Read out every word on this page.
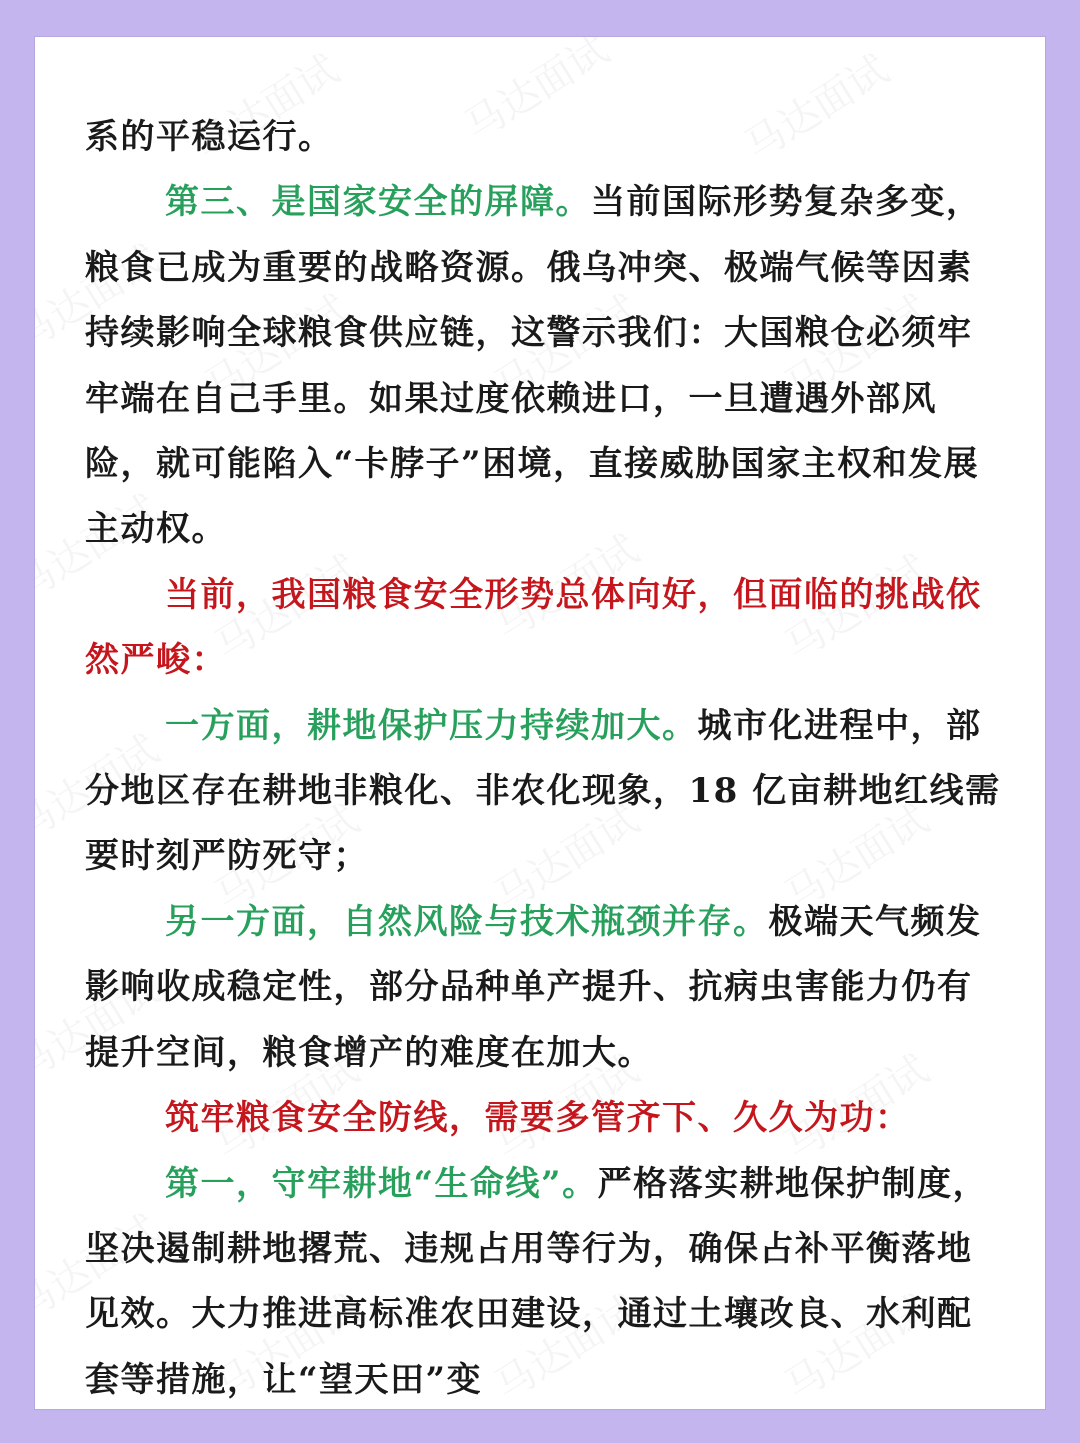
系的平稳运行。

第三、是国家安全的屏障。当前国际形势复杂多变，粮食已成为重要的战略资源。俄乌冲突、极端气候等因素持续影响全球粮食供应链，这警示我们：大国粮仓必须牢牢端在自己手里。如果过度依赖进口，一旦遭遇外部风险，就可能陷入“卡脖子”困境，直接威胁国家主权和发展主动权。

当前，我国粮食安全形势总体向好，但面临的挑战依然严峻：

一方面，耕地保护压力持续加大。城市化进程中，部分地区存在耕地非粮化、非农化现象，18 亿亩耕地红线需要时刻严防死守；

另一方面，自然风险与技术瓶颈并存。极端天气频发影响收成稳定性，部分品种单产提升、抗病虫害能力仍有提升空间，粮食增产的难度在加大。

筑牢粮食安全防线，需要多管齐下、久久为功：

第一，守牢耕地“生命线”。严格落实耕地保护制度，坚决遏制耕地撂荒、违规占用等行为，确保占补平衡落地见效。大力推进高标准农田建设，通过土壤改良、水利配套等措施，让“望天田”变
